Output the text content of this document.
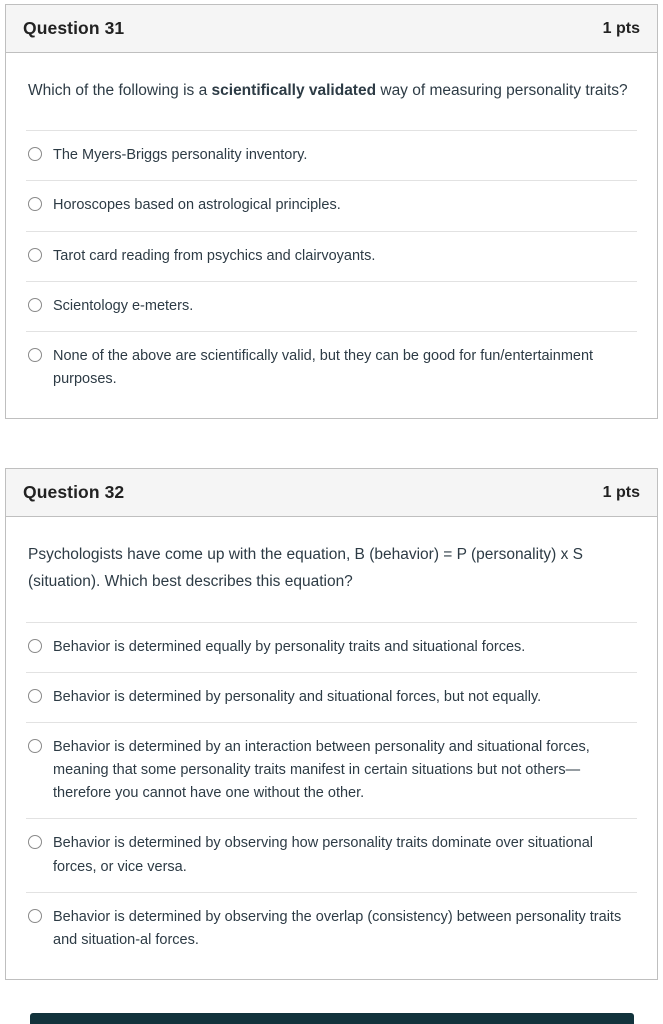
Question 31	1 pts
Which of the following is a scientifically validated way of measuring personality traits?
The Myers-Briggs personality inventory.
Horoscopes based on astrological principles.
Tarot card reading from psychics and clairvoyants.
Scientology e-meters.
None of the above are scientifically valid, but they can be good for fun/entertainment purposes.
Question 32	1 pts
Psychologists have come up with the equation, B (behavior) = P (personality) x S (situation). Which best describes this equation?
Behavior is determined equally by personality traits and situational forces.
Behavior is determined by personality and situational forces, but not equally.
Behavior is determined by an interaction between personality and situational forces, meaning that some personality traits manifest in certain situations but not others—therefore you cannot have one without the other.
Behavior is determined by observing how personality traits dominate over situational forces, or vice versa.
Behavior is determined by observing the overlap (consistency) between personality traits and situation-al forces.
